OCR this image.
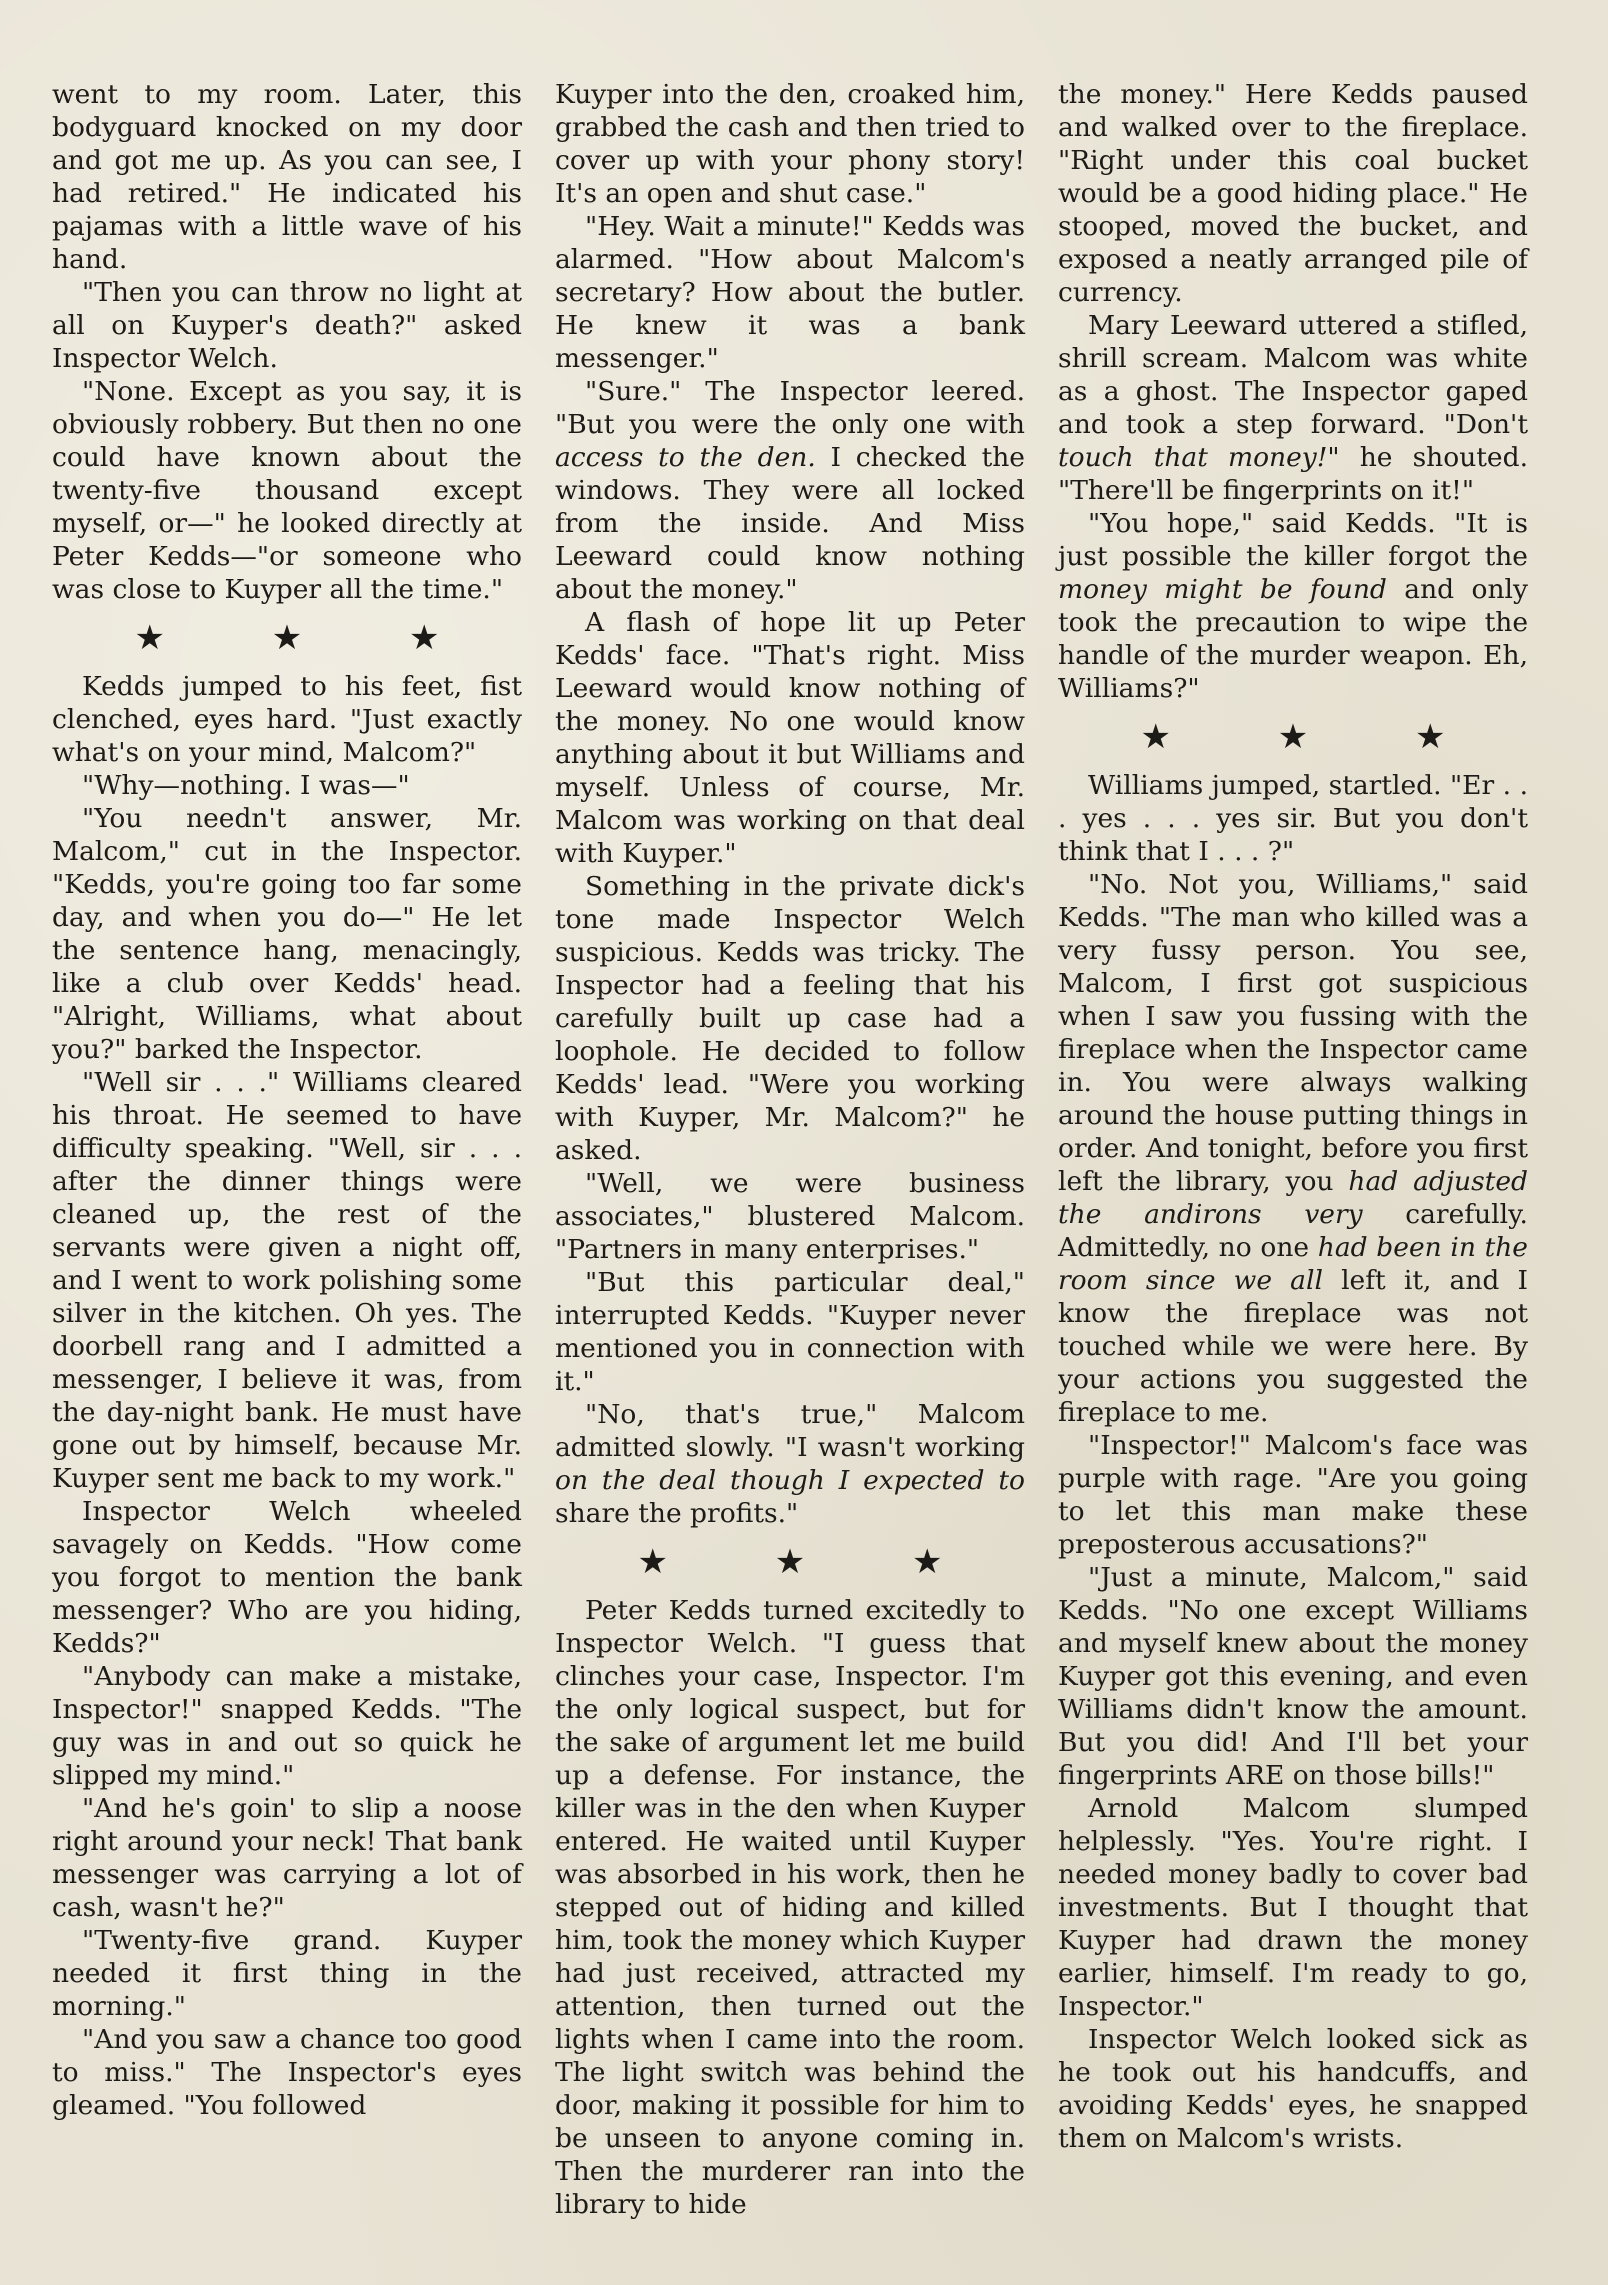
went to my room. Later, this bodyguard knocked on my door and got me up. As you can see, I had retired." He indicated his pajamas with a little wave of his hand.

"Then you can throw no light at all on Kuyper's death?" asked Inspector Welch.

"None. Except as you say, it is obviously robbery. But then no one could have known about the twenty-five thousand except myself, or—" he looked directly at Peter Kedds—"or someone who was close to Kuyper all the time."

★ ★ ★

Kedds jumped to his feet, fist clenched, eyes hard. "Just exactly what's on your mind, Malcom?"

"Why—nothing. I was—"

"You needn't answer, Mr. Malcom," cut in the Inspector. "Kedds, you're going too far some day, and when you do—" He let the sentence hang, menacingly, like a club over Kedds' head. "Alright, Williams, what about you?" barked the Inspector.

"Well sir . . ." Williams cleared his throat. He seemed to have difficulty speaking. "Well, sir . . . after the dinner things were cleaned up, the rest of the servants were given a night off, and I went to work polishing some silver in the kitchen. Oh yes. The doorbell rang and I admitted a messenger, I believe it was, from the day-night bank. He must have gone out by himself, because Mr. Kuyper sent me back to my work."

Inspector Welch wheeled savagely on Kedds. "How come you forgot to mention the bank messenger? Who are you hiding, Kedds?"

"Anybody can make a mistake, Inspector!" snapped Kedds. "The guy was in and out so quick he slipped my mind."

"And he's goin' to slip a noose right around your neck! That bank messenger was carrying a lot of cash, wasn't he?"

"Twenty-five grand. Kuyper needed it first thing in the morning."

"And you saw a chance too good to miss." The Inspector's eyes gleamed. "You followed

Kuyper into the den, croaked him, grabbed the cash and then tried to cover up with your phony story! It's an open and shut case."

"Hey. Wait a minute!" Kedds was alarmed. "How about Malcom's secretary? How about the butler. He knew it was a bank messenger."

"Sure." The Inspector leered. "But you were the only one with access to the den. I checked the windows. They were all locked from the inside. And Miss Leeward could know nothing about the money."

A flash of hope lit up Peter Kedds' face. "That's right. Miss Leeward would know nothing of the money. No one would know anything about it but Williams and myself. Unless of course, Mr. Malcom was working on that deal with Kuyper."

Something in the private dick's tone made Inspector Welch suspicious. Kedds was tricky. The Inspector had a feeling that his carefully built up case had a loophole. He decided to follow Kedds' lead. "Were you working with Kuyper, Mr. Malcom?" he asked.

"Well, we were business associates," blustered Malcom. "Partners in many enterprises."

"But this particular deal," interrupted Kedds. "Kuyper never mentioned you in connection with it."

"No, that's true," Malcom admitted slowly. "I wasn't working on the deal though I expected to share the profits."

★ ★ ★

Peter Kedds turned excitedly to Inspector Welch. "I guess that clinches your case, Inspector. I'm the only logical suspect, but for the sake of argument let me build up a defense. For instance, the killer was in the den when Kuyper entered. He waited until Kuyper was absorbed in his work, then he stepped out of hiding and killed him, took the money which Kuyper had just received, attracted my attention, then turned out the lights when I came into the room. The light switch was behind the door, making it possible for him to be unseen to anyone coming in. Then the murderer ran into the library to hide

the money." Here Kedds paused and walked over to the fireplace. "Right under this coal bucket would be a good hiding place." He stooped, moved the bucket, and exposed a neatly arranged pile of currency.

Mary Leeward uttered a stifled, shrill scream. Malcom was white as a ghost. The Inspector gaped and took a step forward. "Don't touch that money!" he shouted. "There'll be fingerprints on it!"

"You hope," said Kedds. "It is just possible the killer forgot the money might be found and only took the precaution to wipe the handle of the murder weapon. Eh, Williams?"

★ ★ ★

Williams jumped, startled. "Er . . . yes . . . yes sir. But you don't think that I . . . ?"

"No. Not you, Williams," said Kedds. "The man who killed was a very fussy person. You see, Malcom, I first got suspicious when I saw you fussing with the fireplace when the Inspector came in. You were always walking around the house putting things in order. And tonight, before you first left the library, you had adjusted the andirons very carefully. Admittedly, no one had been in the room since we all left it, and I know the fireplace was not touched while we were here. By your actions you suggested the fireplace to me.

"Inspector!" Malcom's face was purple with rage. "Are you going to let this man make these preposterous accusations?"

"Just a minute, Malcom," said Kedds. "No one except Williams and myself knew about the money Kuyper got this evening, and even Williams didn't know the amount. But you did! And I'll bet your fingerprints ARE on those bills!"

Arnold Malcom slumped helplessly. "Yes. You're right. I needed money badly to cover bad investments. But I thought that Kuyper had drawn the money earlier, himself. I'm ready to go, Inspector."

Inspector Welch looked sick as he took out his handcuffs, and avoiding Kedds' eyes, he snapped them on Malcom's wrists.
